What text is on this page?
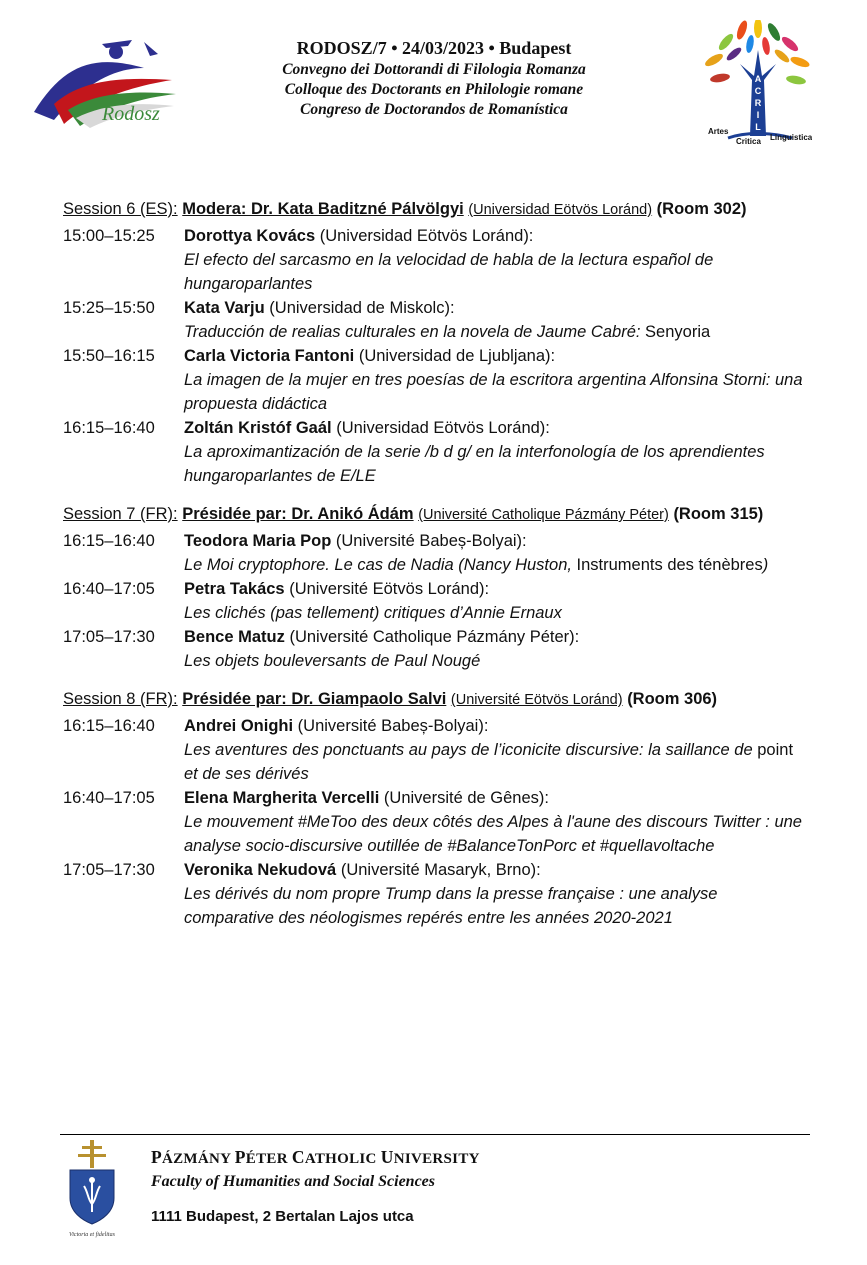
Rodosz
RODOSZ/7 • 24/03/2023 • Budapest
Convegno dei Dottorandi di Filologia Romanza
Colloque des Doctorants en Philologie romane
Congreso de Doctorandos de Romanística
A
C
R
I
L
Artes
Critica Linguistica
Session 6 (ES): Modera: Dr. Kata Baditzné Pálvölgyi (Universidad Eötvös Loránd) (Room 302)
15:00–15:25	Dorottya Kovács (Universidad Eötvös Loránd):
El efecto del sarcasmo en la velocidad de habla de la lectura español de hungaroparlantes
15:25–15:50	Kata Varju (Universidad de Miskolc):
Traducción de realias culturales en la novela de Jaume Cabré: Senyoria
15:50–16:15	Carla Victoria Fantoni (Universidad de Ljubljana):
La imagen de la mujer en tres poesías de la escritora argentina Alfonsina Storni: una propuesta didáctica
16:15–16:40	Zoltán Kristóf Gaál (Universidad Eötvös Loránd):
La aproximantización de la serie /b d g/ en la interfonología de los aprendientes hungaroparlantes de E/LE
Session 7 (FR): Présidée par: Dr. Anikó Ádám (Université Catholique Pázmány Péter) (Room 315)
16:15–16:40	Teodora Maria Pop (Université Babeș-Bolyai):
Le Moi cryptophore. Le cas de Nadia (Nancy Huston, Instruments des ténèbres)
16:40–17:05	Petra Takács (Université Eötvös Loránd):
Les clichés (pas tellement) critiques d’Annie Ernaux
17:05–17:30	Bence Matuz (Université Catholique Pázmány Péter):
Les objets bouleversants de Paul Nougé
Session 8 (FR): Présidée par: Dr. Giampaolo Salvi (Université Eötvös Loránd) (Room 306)
16:15–16:40	Andrei Onighi (Université Babeș-Bolyai):
Les aventures des ponctuants au pays de l’iconicite discursive: la saillance de point et de ses dérivés
16:40–17:05	Elena Margherita Vercelli (Université de Gênes):
Le mouvement #MeToo des deux côtés des Alpes à l'aune des discours Twitter : une analyse socio-discursive outillée de #BalanceTonPorc et #quellavoltache
17:05–17:30	Veronika Nekudová (Université Masaryk, Brno):
Les dérivés du nom propre Trump dans la presse française : une analyse comparative des néologismes repérés entre les années 2020-2021
Victoria et fidelitas
PÁZMÁNY PÉTER CATHOLIC UNIVERSITY
Faculty of Humanities and Social Sciences
1111 Budapest, 2 Bertalan Lajos utca
